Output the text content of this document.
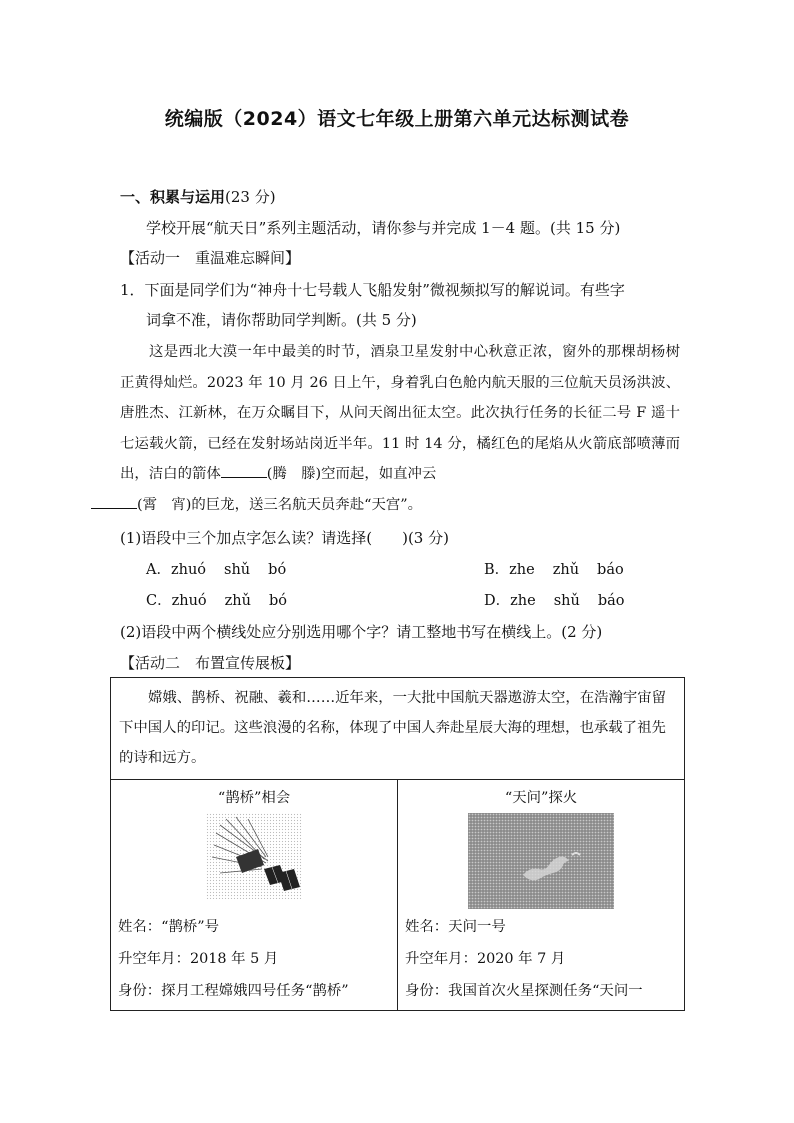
统编版（2024）语文七年级上册第六单元达标测试卷
一、积累与运用(23 分)
学校开展“航天日”系列主题活动，请你参与并完成 1－4 题。(共 15 分)
【活动一　重温难忘瞬间】
1．下面是同学们为“神舟十七号载人飞船发射”微视频拟写的解说词。有些字
词拿不准，请你帮助同学判断。(共 5 分)

这是西北大漠一年中最美的时节，酒泉卫星发射中心秋意正浓，窗外的那棵胡杨树正黄得灿烂。2023 年 10 月 26 日上午，身着乳白色舱内航天服的三位航天员汤洪波、唐胜杰、江新林，在万众瞩目下，从问天阁出征太空。此次执行任务的长征二号 F 遥十七运载火箭，已经在发射场站岗近半年。11 时 14 分，橘红色的尾焰从火箭底部喷薄而出，洁白的箭体	(腾　滕)空而起，如直冲云
(霄　宵)的巨龙，送三名航天员奔赴“天宫”。

(1)语段中三个加点字怎么读？请选择(　　)(3 分)
A．zhuó shǔ bó	B．zhe zhǔ báo
C．zhuó zhǔ bó	D．zhe shǔ báo
(2)语段中两个横线处应分别选用哪个字？请工整地书写在横线上。(2 分)
【活动二　布置宣传展板】

嫦娥、鹊桥、祝融、羲和……近年来，一大批中国航天器遨游太空，在浩瀚宇宙留下中国人的印记。这些浪漫的名称，体现了中国人奔赴星辰大海的理想，也承载了祖先的诗和远方。

“鹊桥”相会
姓名：“鹊桥”号
升空年月：2018 年 5 月
身份：探月工程嫦娥四号任务“鹊桥”

“天问”探火
姓名：天问一号
升空年月：2020 年 7 月
身份：我国首次火星探测任务“天问一
